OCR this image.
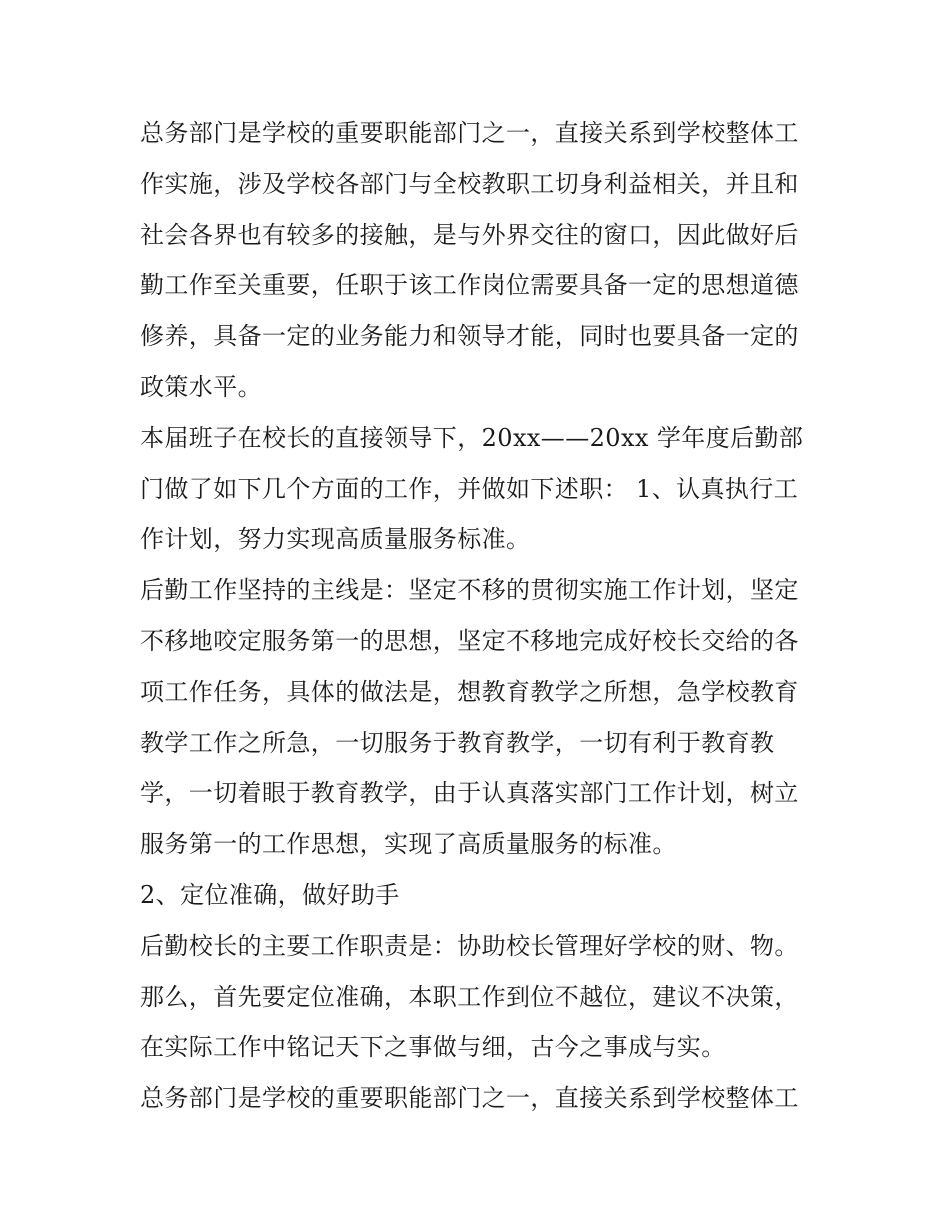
总务部门是学校的重要职能部门之一，直接关系到学校整体工
作实施，涉及学校各部门与全校教职工切身利益相关，并且和
社会各界也有较多的接触，是与外界交往的窗口，因此做好后
勤工作至关重要，任职于该工作岗位需要具备一定的思想道德
修养，具备一定的业务能力和领导才能，同时也要具备一定的
政策水平。
本届班子在校长的直接领导下，20xx——20xx 学年度后勤部
门做了如下几个方面的工作，并做如下述职： 1、认真执行工
作计划，努力实现高质量服务标准。
后勤工作坚持的主线是：坚定不移的贯彻实施工作计划，坚定
不移地咬定服务第一的思想，坚定不移地完成好校长交给的各
项工作任务，具体的做法是，想教育教学之所想，急学校教育
教学工作之所急，一切服务于教育教学，一切有利于教育教
学，一切着眼于教育教学，由于认真落实部门工作计划，树立
服务第一的工作思想，实现了高质量服务的标准。
2、定位准确，做好助手
后勤校长的主要工作职责是：协助校长管理好学校的财、物。
那么，首先要定位准确，本职工作到位不越位，建议不决策，
在实际工作中铭记天下之事做与细，古今之事成与实。
总务部门是学校的重要职能部门之一，直接关系到学校整体工
